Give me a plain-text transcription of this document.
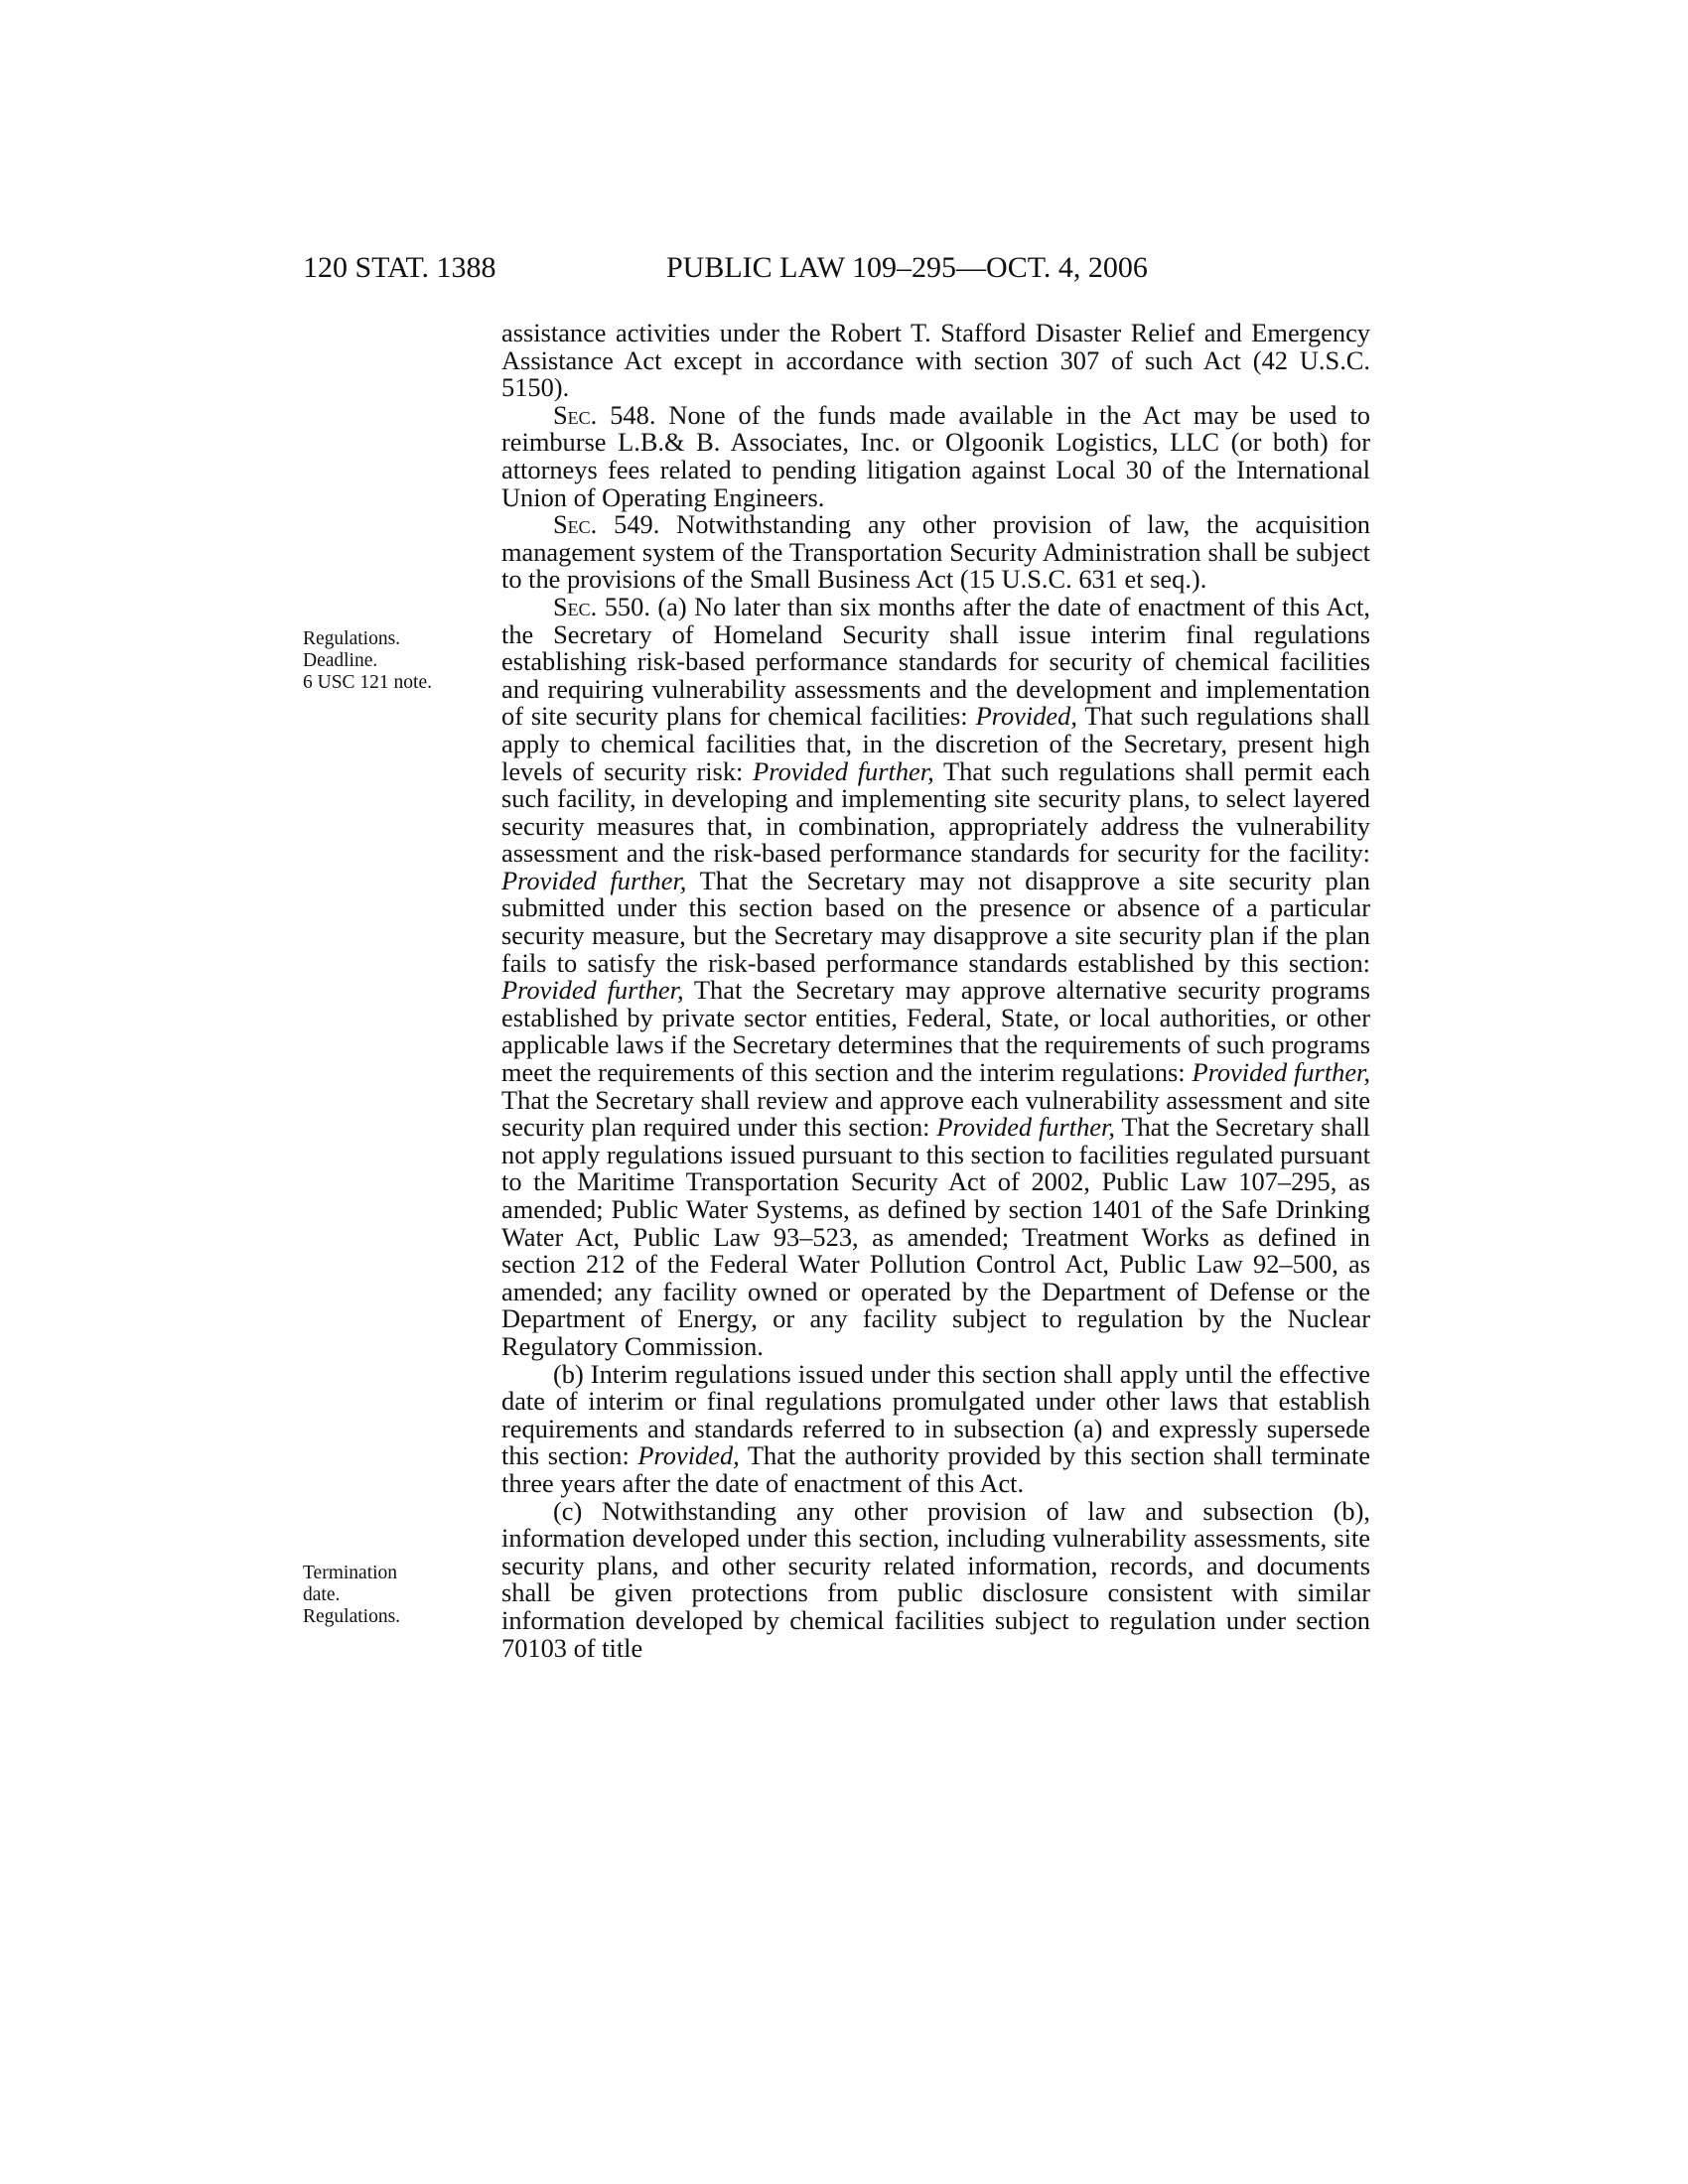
120 STAT. 1388	PUBLIC LAW 109–295—OCT. 4, 2006
Regulations.
Deadline.
6 USC 121 note.
Termination
date.
Regulations.

assistance activities under the Robert T. Stafford Disaster Relief and Emergency Assistance Act except in accordance with section 307 of such Act (42 U.S.C. 5150).

Sec. 548. None of the funds made available in the Act may be used to reimburse L.B.& B. Associates, Inc. or Olgoonik Logistics, LLC (or both) for attorneys fees related to pending litigation against Local 30 of the International Union of Operating Engineers.

Sec. 549. Notwithstanding any other provision of law, the acquisition management system of the Transportation Security Administration shall be subject to the provisions of the Small Business Act (15 U.S.C. 631 et seq.).

Sec. 550. (a) No later than six months after the date of enactment of this Act, the Secretary of Homeland Security shall issue interim final regulations establishing risk-based performance standards for security of chemical facilities and requiring vulnerability assessments and the development and implementation of site security plans for chemical facilities: Provided, That such regulations shall apply to chemical facilities that, in the discretion of the Secretary, present high levels of security risk: Provided further, That such regulations shall permit each such facility, in developing and implementing site security plans, to select layered security measures that, in combination, appropriately address the vulnerability assessment and the risk-based performance standards for security for the facility: Provided further, That the Secretary may not disapprove a site security plan submitted under this section based on the presence or absence of a particular security measure, but the Secretary may disapprove a site security plan if the plan fails to satisfy the risk-based performance standards established by this section: Provided further, That the Secretary may approve alternative security programs established by private sector entities, Federal, State, or local authorities, or other applicable laws if the Secretary determines that the requirements of such programs meet the requirements of this section and the interim regulations: Provided further, That the Secretary shall review and approve each vulnerability assessment and site security plan required under this section: Provided further, That the Secretary shall not apply regulations issued pursuant to this section to facilities regulated pursuant to the Maritime Transportation Security Act of 2002, Public Law 107–295, as amended; Public Water Systems, as defined by section 1401 of the Safe Drinking Water Act, Public Law 93–523, as amended; Treatment Works as defined in section 212 of the Federal Water Pollution Control Act, Public Law 92–500, as amended; any facility owned or operated by the Department of Defense or the Department of Energy, or any facility subject to regulation by the Nuclear Regulatory Commission.

(b) Interim regulations issued under this section shall apply until the effective date of interim or final regulations promulgated under other laws that establish requirements and standards referred to in subsection (a) and expressly supersede this section: Provided, That the authority provided by this section shall terminate three years after the date of enactment of this Act.

(c) Notwithstanding any other provision of law and subsection (b), information developed under this section, including vulnerability assessments, site security plans, and other security related information, records, and documents shall be given protections from public disclosure consistent with similar information developed by chemical facilities subject to regulation under section 70103 of title
